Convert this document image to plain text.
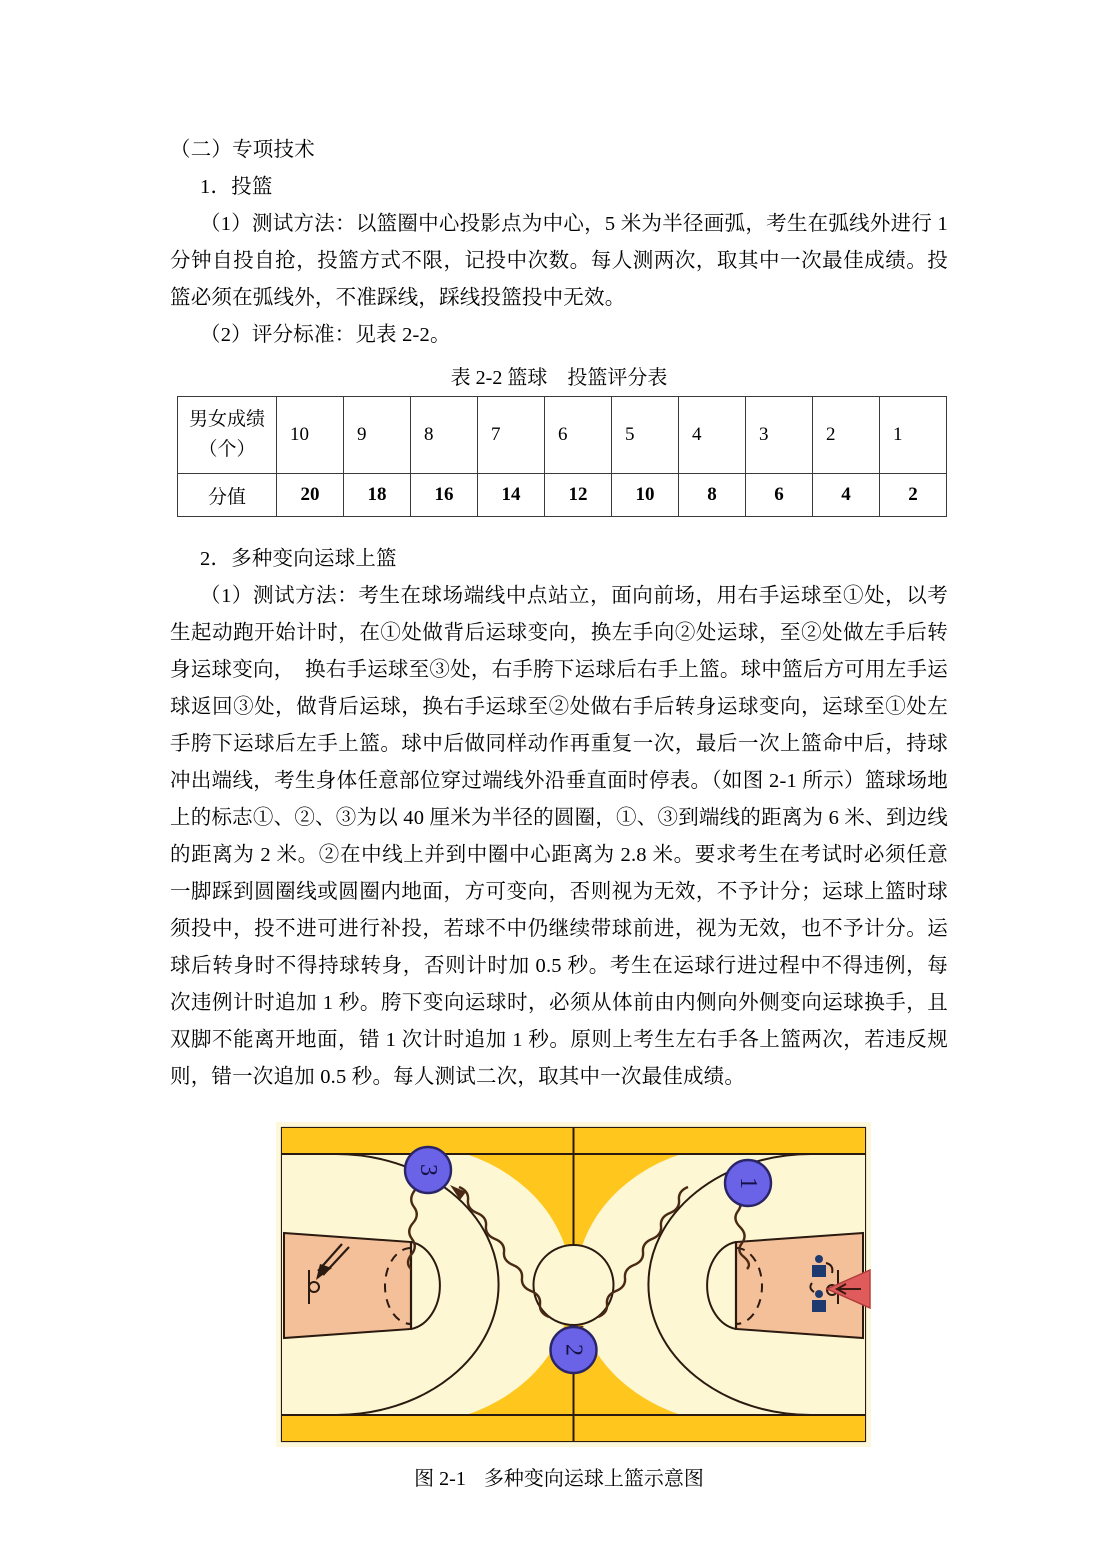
（二）专项技术

1．投篮

（1）测试方法：以篮圈中心投影点为中心，5 米为半径画弧，考生在弧线外进行 1 分钟自投自抢，投篮方式不限，记投中次数。每人测两次，取其中一次最佳成绩。投篮必须在弧线外，不准踩线，踩线投篮投中无效。

（2）评分标准：见表 2-2。

表 2-2 篮球　投篮评分表
男女成绩
（个）	10	9	8	7	6	5	4	3	2	1
分值	20	18	16	14	12	10	8	6	4	2

2．多种变向运球上篮

（1）测试方法：考生在球场端线中点站立，面向前场，用右手运球至①处，以考生起动跑开始计时，在①处做背后运球变向，换左手向②处运球，至②处做左手后转身运球变向，　换右手运球至③处，右手胯下运球后右手上篮。球中篮后方可用左手运球返回③处，做背后运球，换右手运球至②处做右手后转身运球变向，运球至①处左手胯下运球后左手上篮。球中后做同样动作再重复一次，最后一次上篮命中后，持球冲出端线，考生身体任意部位穿过端线外沿垂直面时停表。（如图 2-1 所示）篮球场地上的标志①、②、③为以 40 厘米为半径的圆圈，①、③到端线的距离为 6 米、到边线的距离为 2 米。②在中线上并到中圈中心距离为 2.8 米。要求考生在考试时必须任意一脚踩到圆圈线或圆圈内地面，方可变向，否则视为无效，不予计分；运球上篮时球须投中，投不进可进行补投，若球不中仍继续带球前进，视为无效，也不予计分。运球后转身时不得持球转身，否则计时加 0.5 秒。考生在运球行进过程中不得违例，每次违例计时追加 1 秒。胯下变向运球时，必须从体前由内侧向外侧变向运球换手，且双脚不能离开地面，错 1 次计时追加 1 秒。原则上考生左右手各上篮两次，若违反规则，错一次追加 0.5 秒。每人测试二次，取其中一次最佳成绩。

3
2
1
图 2-1 多种变向运球上篮示意图
